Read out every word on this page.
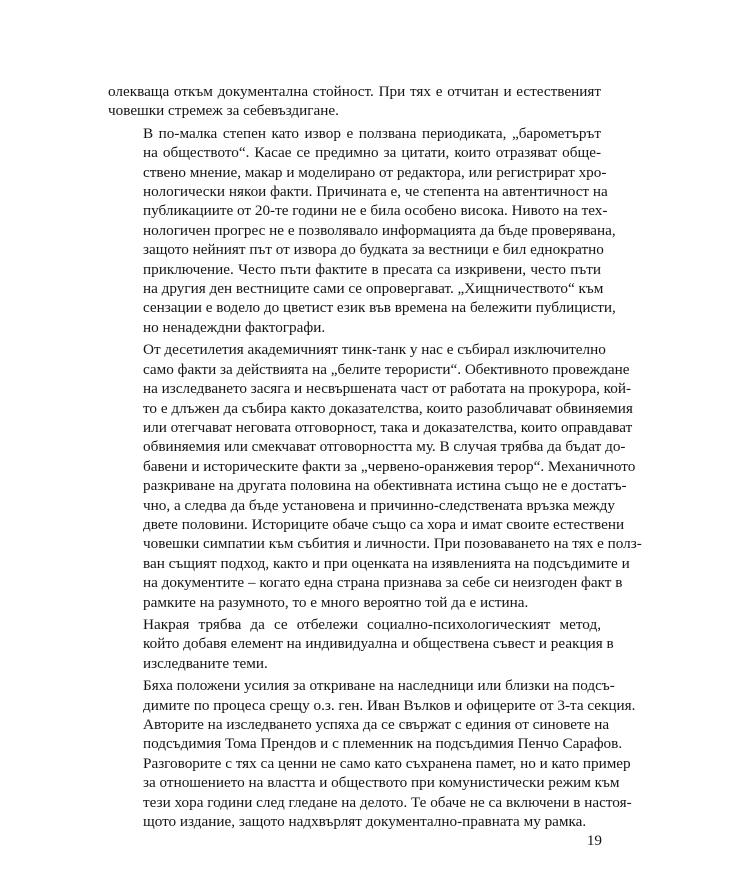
олекваща откъм документална стойност. При тях е отчитан и естественият
човешки стремеж за себевъздигане.
В по-малка степен като извор е ползвана периодиката, „барометърът
на обществото“. Касае се предимно за цитати, които отразяват обще-
ствено мнение, макар и моделирано от редактора, или регистрират хро-
нологически някои факти. Причината е, че степента на автентичност на
публикациите от 20-те години не е била особено висока. Нивото на тех-
нологичен прогрес не е позволявало информацията да бъде проверявана,
защото нейният път от извора до будката за вестници е бил еднократно
приключение. Често пъти фактите в пресата са изкривени, често пъти
на другия ден вестниците сами се опровергават. „Хищничеството“ към
сензации е водело до цветист език във времена на бележити публицисти,
но ненадеждни фактографи.
От десетилетия академичният тинк-танк у нас е събирал изключително
само факти за действията на „белите терористи“. Обективното провеждане
на изследването засяга и несвършената част от работата на прокурора, кой-
то е длъжен да събира както доказателства, които разобличават обвиняемия
или отегчават неговата отговорност, така и доказателства, които оправдават
обвиняемия или смекчават отговорността му. В случая трябва да бъдат до-
бавени и историческите факти за „червено-оранжевия терор“. Механичното
разкриване на другата половина на обективната истина също не е достатъ-
чно, а следва да бъде установена и причинно-следствената връзка между
двете половини. Историците обаче също са хора и имат своите естествени
човешки симпатии към събития и личности. При позоваването на тях е полз-
ван същият подход, както и при оценката на изявленията на подсъдимите и
на документите – когато една страна признава за себе си неизгоден факт в
рамките на разумното, то е много вероятно той да е истина.
Накрая трябва да се отбележи социално-психологическият метод,
който добавя елемент на индивидуална и обществена съвест и реакция в
изследваните теми.
Бяха положени усилия за откриване на наследници или близки на подсъ-
димите по процеса срещу о.з. ген. Иван Вълков и офицерите от 3-та секция.
Авторите на изследването успяха да се свържат с единия от синовете на
подсъдимия Тома Прендов и с племенник на подсъдимия Пенчо Сарафов.
Разговорите с тях са ценни не само като съхранена памет, но и като пример
за отношението на властта и обществото при комунистически режим към
тези хора години след гледане на делото. Те обаче не са включени в настоя-
щото издание, защото надхвърлят документално-правната му рамка.
19
